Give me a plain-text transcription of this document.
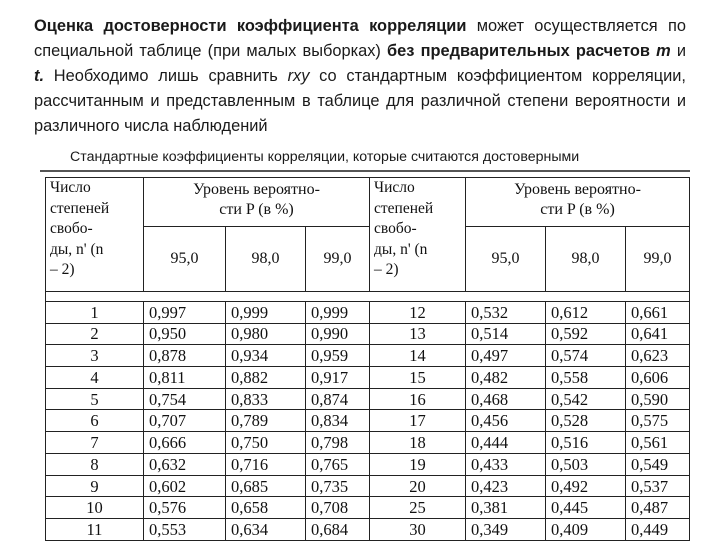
Оценка достоверности коэффициента корреляции может осуществляется по специальной таблице (при малых выборках) без предварительных расчетов m и t. Необходимо лишь сравнить rxy со стандартным коэффициентом корреляции, рассчитанным и представленным в таблице для различной степени вероятности и различного числа наблюдений
Стандартные коэффициенты корреляции, которые считаются достоверными
Число
степеней
свобо-
ды, n' (n
– 2)	Уровень вероятно-
сти P (в %)			Число
степеней
свобо-
ды, n' (n
– 2)	Уровень вероятно-
сти P (в %)		
	95,0	98,0	99,0		95,0	98,0	99,0

1	0,997	0,999	0,999	12	0,532	0,612	0,661
2	0,950	0,980	0,990	13	0,514	0,592	0,641
3	0,878	0,934	0,959	14	0,497	0,574	0,623
4	0,811	0,882	0,917	15	0,482	0,558	0,606
5	0,754	0,833	0,874	16	0,468	0,542	0,590
6	0,707	0,789	0,834	17	0,456	0,528	0,575
7	0,666	0,750	0,798	18	0,444	0,516	0,561
8	0,632	0,716	0,765	19	0,433	0,503	0,549
9	0,602	0,685	0,735	20	0,423	0,492	0,537
10	0,576	0,658	0,708	25	0,381	0,445	0,487
11	0,553	0,634	0,684	30	0,349	0,409	0,449
